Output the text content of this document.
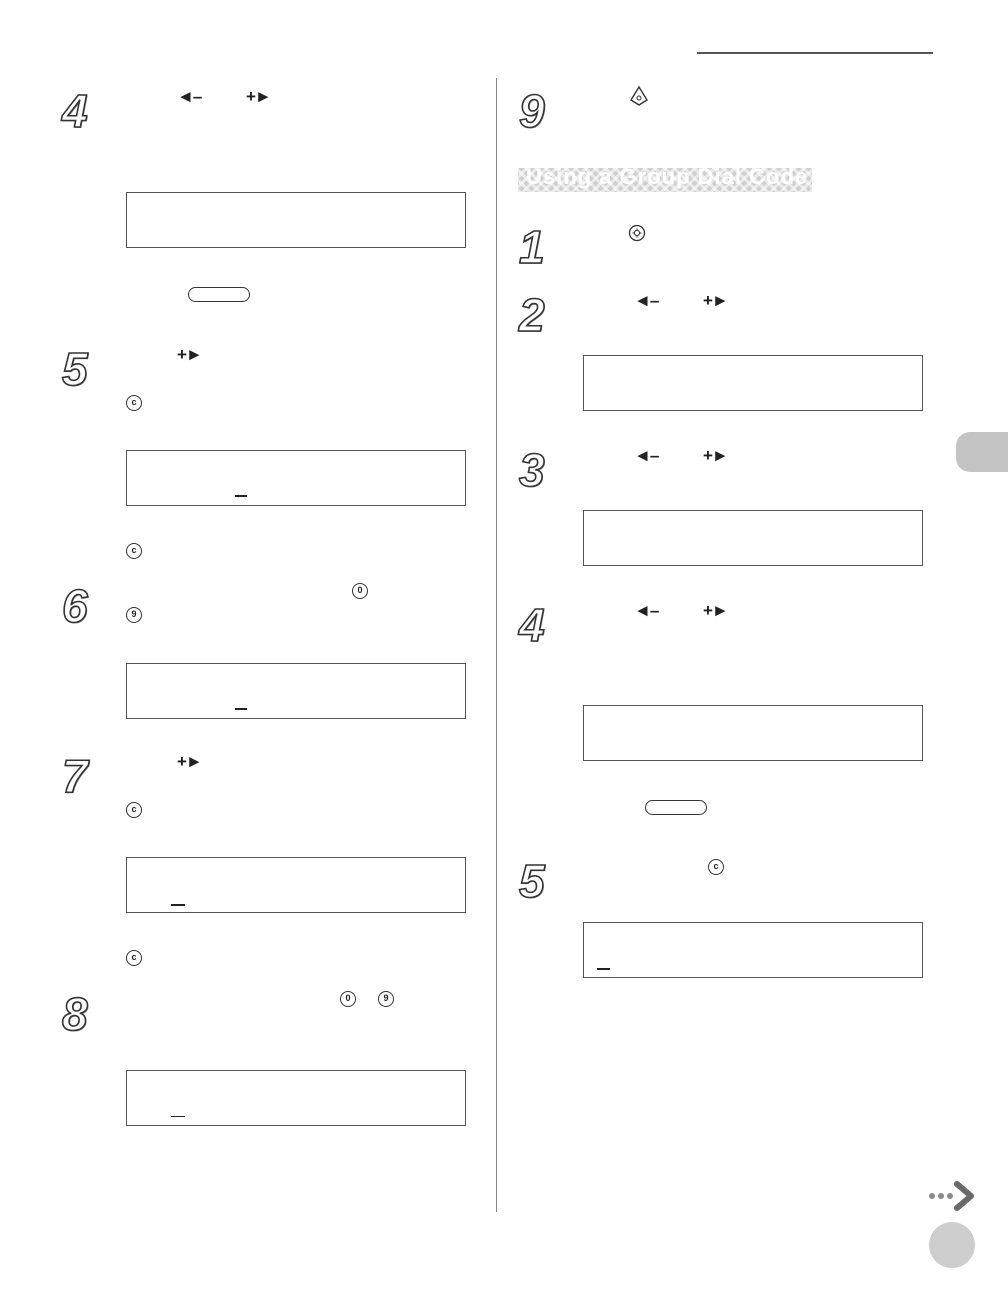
4	◄–	+►
5	+►
c
c
6	0
9
7	+►
c
c
8	0	9
9
Using a Group Dial Code
1
2	◄–	+►
3	◄–	+►
4	◄–	+►
5	c
